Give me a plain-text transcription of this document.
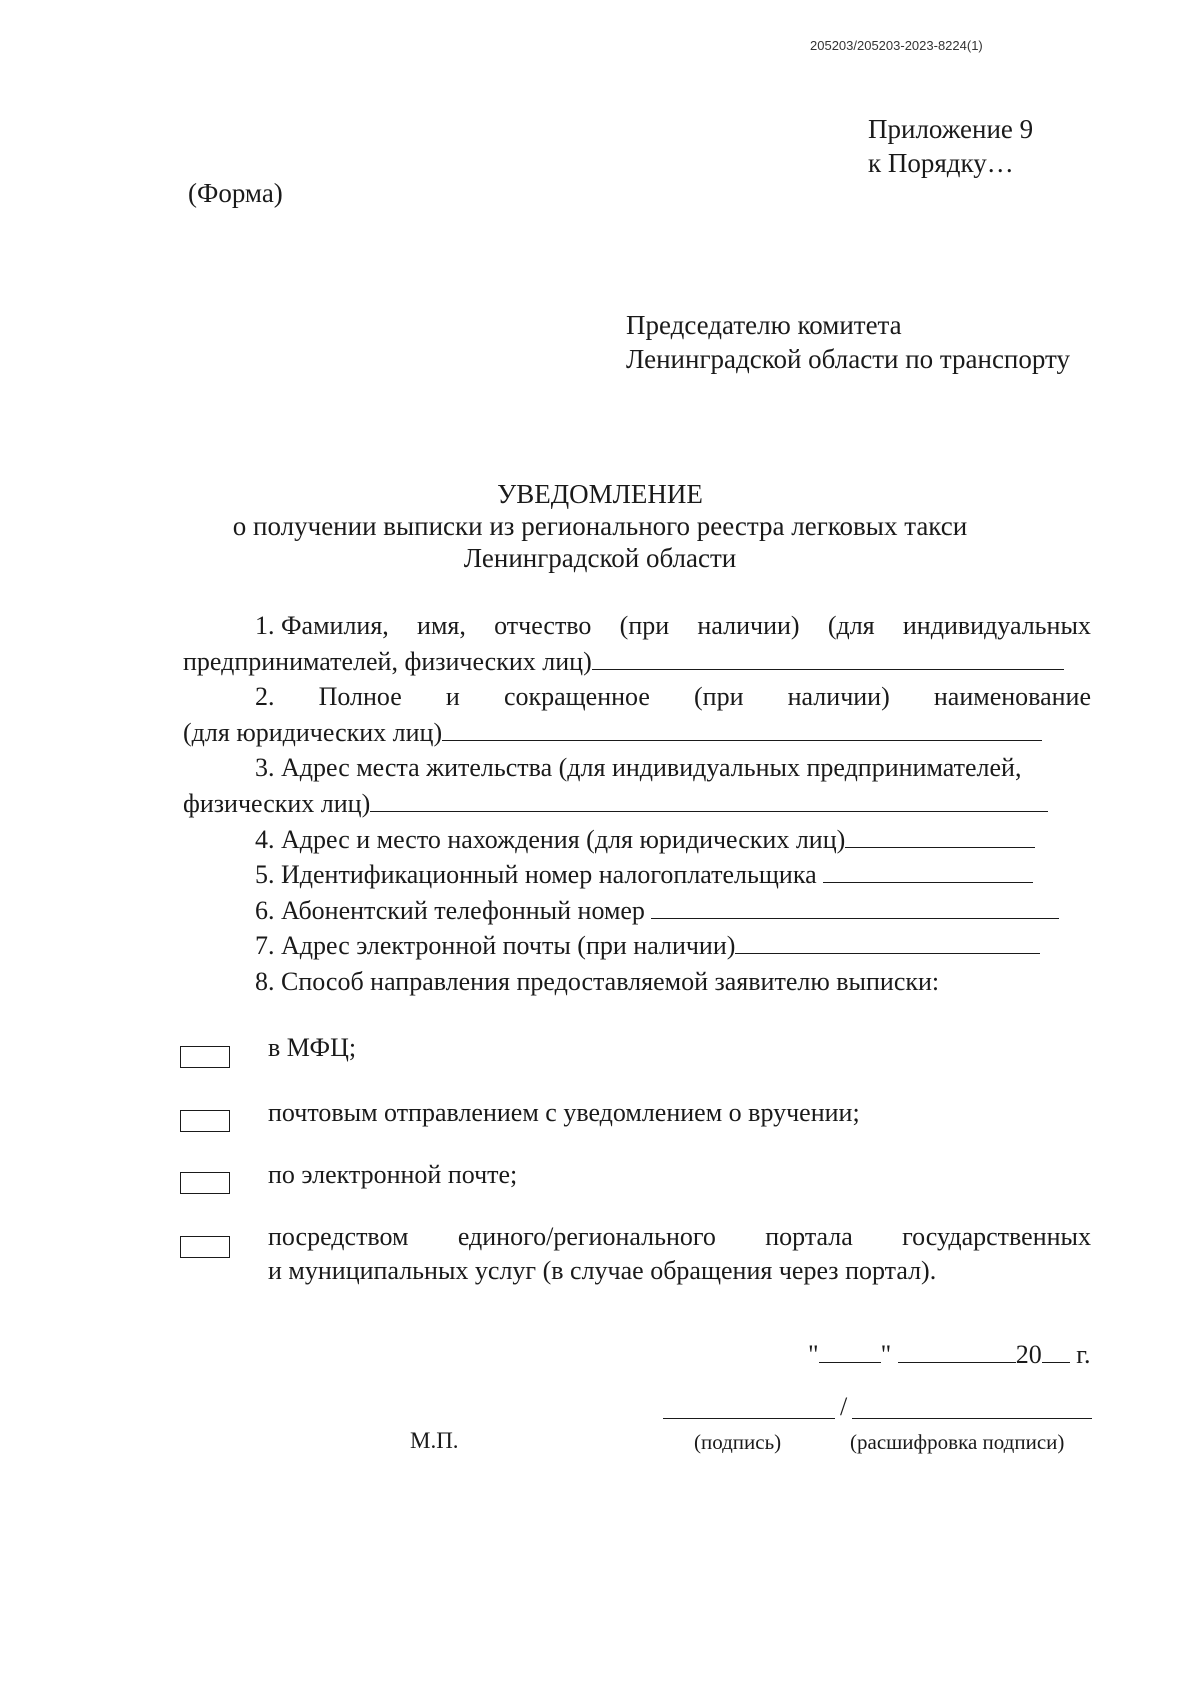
205203/205203-2023-8224(1)
Приложение 9
к Порядку…
(Форма)
Председателю комитета
Ленинградской области по транспорту
УВЕДОМЛЕНИЕ
о получении выписки из регионального реестра легковых такси
Ленинградской области
1. Фамилия, имя, отчество (при наличии) (для индивидуальных
предпринимателей, физических лиц)
2. Полное и сокращенное (при наличии) наименование
(для юридических лиц)
3. Адрес места жительства (для индивидуальных предпринимателей,
физических лиц)
4. Адрес и место нахождения (для юридических лиц)
5. Идентификационный номер налогоплательщика
6. Абонентский телефонный номер
7. Адрес электронной почты (при наличии)
8. Способ направления предоставляемой заявителю выписки:
в МФЦ;
почтовым отправлением с уведомлением о вручении;
по электронной почте;
посредством единого/регионального портала государственных
и муниципальных услуг (в случае обращения через портал).
" "	20 г.
/
(подпись)	(расшифровка подписи)
М.П.
